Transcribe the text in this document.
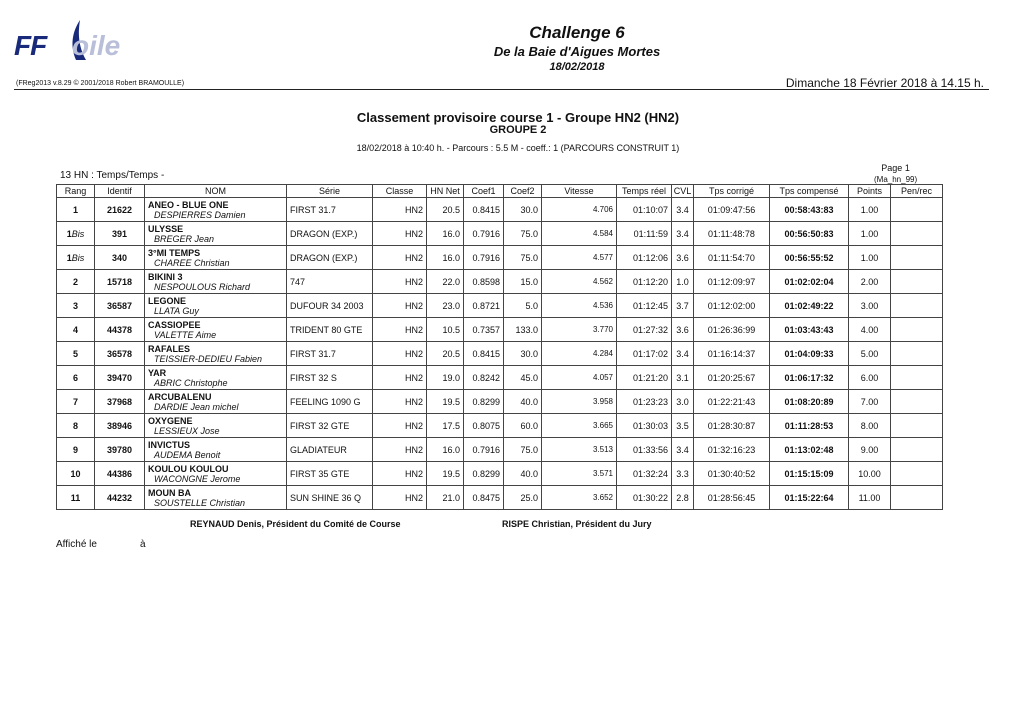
FF oile	Challenge 6
De la Baie d'Aigues Mortes
18/02/2018
(FReg2013 v.8.29 © 2001/2018 Robert BRAMOULLE)	Dimanche 18 Février 2018 à 14.15 h.
Classement provisoire course 1 - Groupe HN2 (HN2)
GROUPE 2
18/02/2018 à 10:40 h. - Parcours : 5.5 M - coeff.: 1 (PARCOURS CONSTRUIT 1)
13 HN : Temps/Temps -
Page 1
(Ma_hn_99)
Rang	Identif	NOM	Série	Classe	HN Net	Coef1	Coef2	Vitesse	Temps réel	CVL	Tps corrigé	Tps compensé	Points	Pen/rec
1	21622	ANEO - BLUE ONE
DESPIERRES Damien	FIRST 31.7	HN2	20.5	0.8415	30.0	4.706	01:10:07	3.4	01:09:47:56	00:58:43:83	1.00	
1Bis	391	ULYSSE
BREGER Jean	DRAGON (EXP.)	HN2	16.0	0.7916	75.0	4.584	01:11:59	3.4	01:11:48:78	00:56:50:83	1.00	
1Bis	340	3°MI TEMPS
CHAREE Christian	DRAGON (EXP.)	HN2	16.0	0.7916	75.0	4.577	01:12:06	3.6	01:11:54:70	00:56:55:52	1.00	
2	15718	BIKINI 3
NESPOULOUS Richard	747	HN2	22.0	0.8598	15.0	4.562	01:12:20	1.0	01:12:09:97	01:02:02:04	2.00	
3	36587	LEGONE
LLATA Guy	DUFOUR 34 2003	HN2	23.0	0.8721	5.0	4.536	01:12:45	3.7	01:12:02:00	01:02:49:22	3.00	
4	44378	CASSIOPEE
VALETTE Aime	TRIDENT 80 GTE	HN2	10.5	0.7357	133.0	3.770	01:27:32	3.6	01:26:36:99	01:03:43:43	4.00	
5	36578	RAFALES
TEISSIER-DEDIEU Fabien	FIRST 31.7	HN2	20.5	0.8415	30.0	4.284	01:17:02	3.4	01:16:14:37	01:04:09:33	5.00	
6	39470	YAR
ABRIC Christophe	FIRST 32 S	HN2	19.0	0.8242	45.0	4.057	01:21:20	3.1	01:20:25:67	01:06:17:32	6.00	
7	37968	ARCUBALENU
DARDIE Jean michel	FEELING 1090 G	HN2	19.5	0.8299	40.0	3.958	01:23:23	3.0	01:22:21:43	01:08:20:89	7.00	
8	38946	OXYGENE
LESSIEUX Jose	FIRST 32 GTE	HN2	17.5	0.8075	60.0	3.665	01:30:03	3.5	01:28:30:87	01:11:28:53	8.00	
9	39780	INVICTUS
AUDEMA Benoit	GLADIATEUR	HN2	16.0	0.7916	75.0	3.513	01:33:56	3.4	01:32:16:23	01:13:02:48	9.00	
10	44386	KOULOU KOULOU
WACONGNE Jerome	FIRST 35 GTE	HN2	19.5	0.8299	40.0	3.571	01:32:24	3.3	01:30:40:52	01:15:15:09	10.00	
11	44232	MOUN BA
SOUSTELLE Christian	SUN SHINE 36 Q	HN2	21.0	0.8475	25.0	3.652	01:30:22	2.8	01:28:56:45	01:15:22:64	11.00	
REYNAUD Denis, Président du Comité de Course	RISPE Christian, Président du Jury
Affiché le	à
